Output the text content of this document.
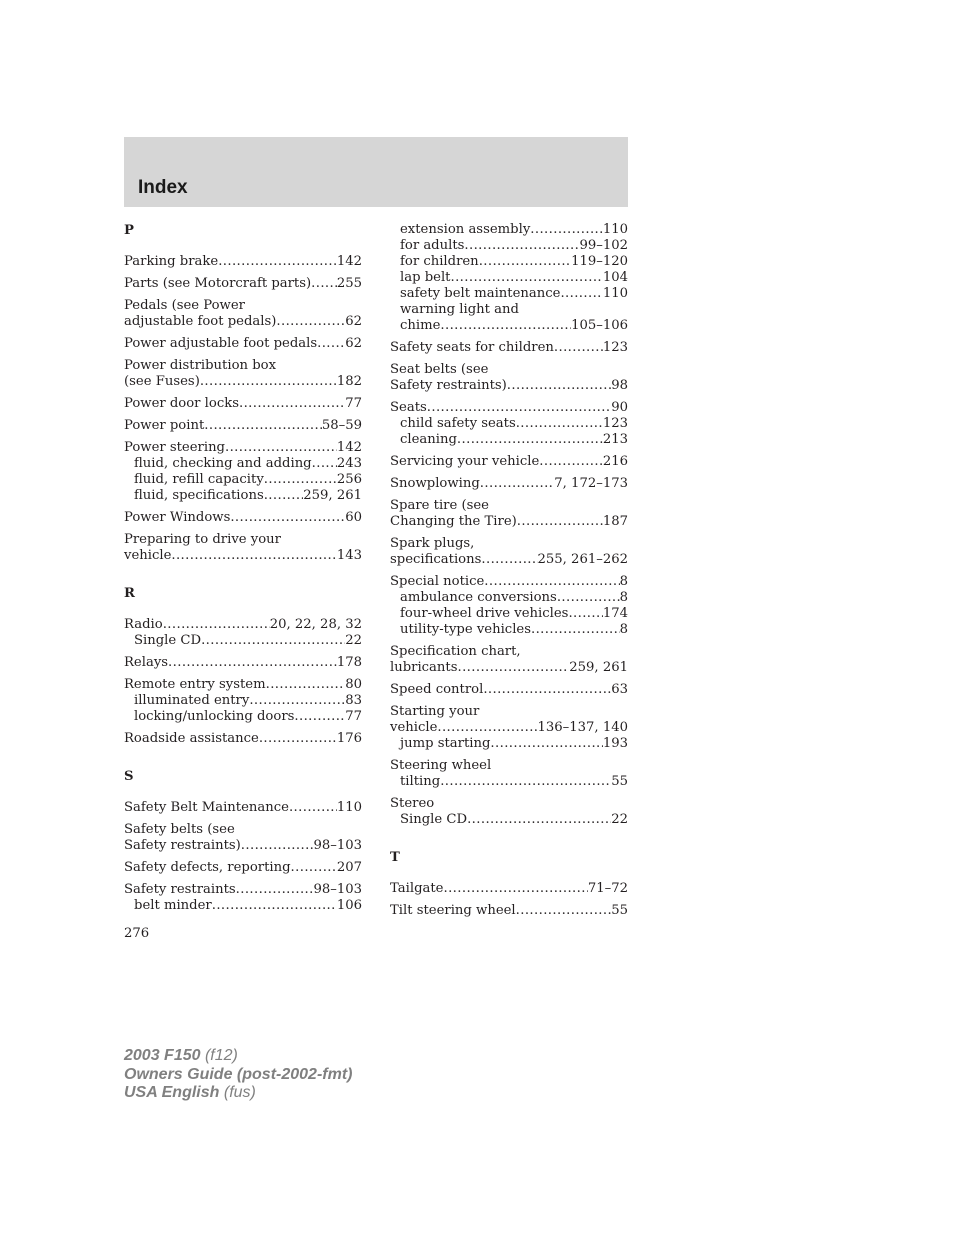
Index
P
Parking brake .....	142
Parts (see Motorcraft parts) ..... 255
Pedals (see Power
adjustable foot pedals) .....	62
Power adjustable foot pedals ..... 62
Power distribution box
(see Fuses) .....	182
Power door locks .....	77
Power point .....	58–59
Power steering .....	142
fluid, checking and adding ..... 243
fluid, refill capacity .....	256
fluid, specifications .....	259, 261
Power Windows .....	60
Preparing to drive your
vehicle .....	143
R
Radio .....	20, 22, 28, 32
Single CD .....	22
Relays .....	178
Remote entry system .....	80
illuminated entry .....	83
locking/unlocking doors .....	77
Roadside assistance .....	176
S
Safety Belt Maintenance .....	110
Safety belts (see
Safety restraints) .....	98–103
Safety defects, reporting .....	207
Safety restraints .....	98–103
belt minder .....	106
extension assembly .....	110
for adults .....	99–102
for children .....	119–120
lap belt .....	104
safety belt maintenance .....	110
warning light and
chime .....	105–106
Safety seats for children .....	123
Seat belts (see
Safety restraints) .....	98
Seats .....	90
child safety seats .....	123
cleaning .....	213
Servicing your vehicle .....	216
Snowplowing .....	7, 172–173
Spare tire (see
Changing the Tire) .....	187
Spark plugs,
specifications .....	255, 261–262
Special notice .....	8
ambulance conversions .....	8
four-wheel drive vehicles .....	174
utility-type vehicles .....	8
Specification chart,
lubricants .....	259, 261
Speed control .....	63
Starting your
vehicle .....	136–137, 140
jump starting .....	193
Steering wheel
tilting .....	55
Stereo
Single CD .....	22
T
Tailgate .....	71–72
Tilt steering wheel .....	55
276
2003 F150 (f12)
Owners Guide (post-2002-fmt)
USA English (fus)
